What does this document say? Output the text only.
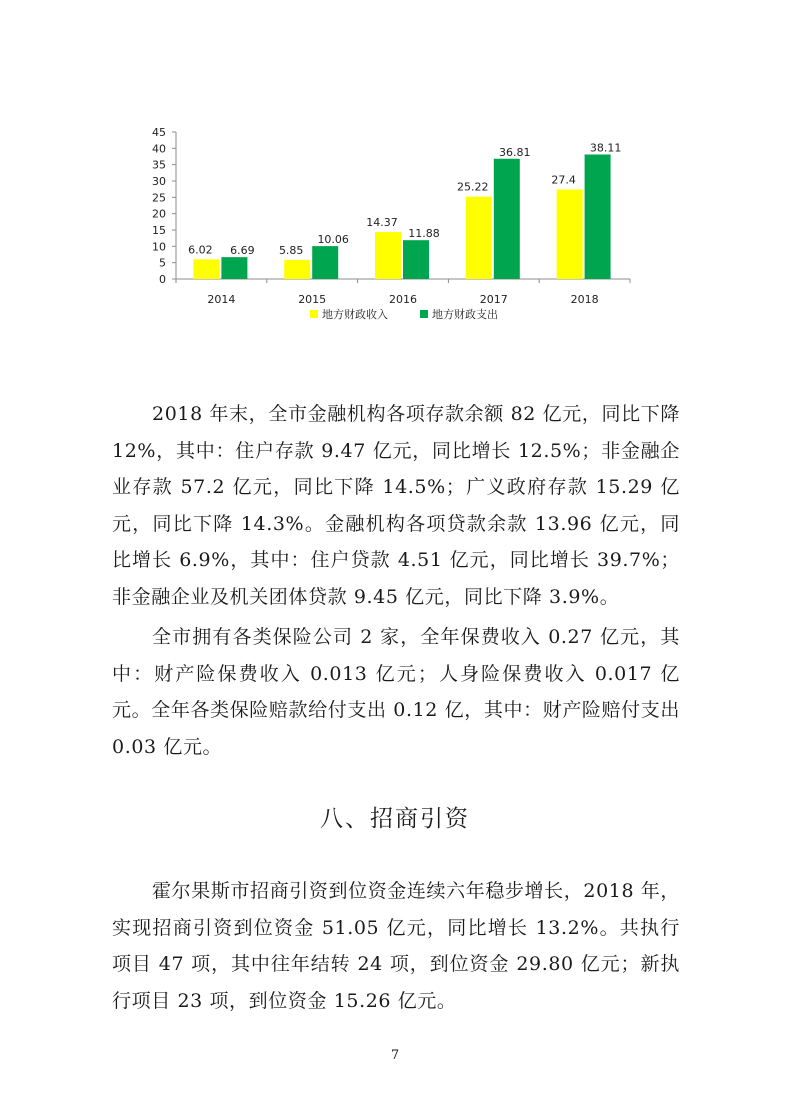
0
5
10
15
20
25
30
35
40
45
2014
6.02 6.69
2015
5.85
10.06
2016
14.37
11.88
2017
25.22
36.81
2018
27.4
38.11
地方财政收入	地方财政支出

2018 年末，全市金融机构各项存款余额 82 亿元，同比下降 12%，其中：住户存款 9.47 亿元，同比增长 12.5%；非金融企业存款 57.2 亿元，同比下降 14.5%；广义政府存款 15.29 亿元，同比下降 14.3%。金融机构各项贷款余款 13.96 亿元，同比增长 6.9%，其中：住户贷款 4.51 亿元，同比增长 39.7%；非金融企业及机关团体贷款 9.45 亿元，同比下降 3.9%。

全市拥有各类保险公司 2 家，全年保费收入 0.27 亿元，其中：财产险保费收入 0.013 亿元；人身险保费收入 0.017 亿元。全年各类保险赔款给付支出 0.12 亿，其中：财产险赔付支出 0.03 亿元。

八、招商引资

霍尔果斯市招商引资到位资金连续六年稳步增长，2018 年，实现招商引资到位资金 51.05 亿元，同比增长 13.2%。共执行项目 47 项，其中往年结转 24 项，到位资金 29.80 亿元；新执行项目 23 项，到位资金 15.26 亿元。

7
